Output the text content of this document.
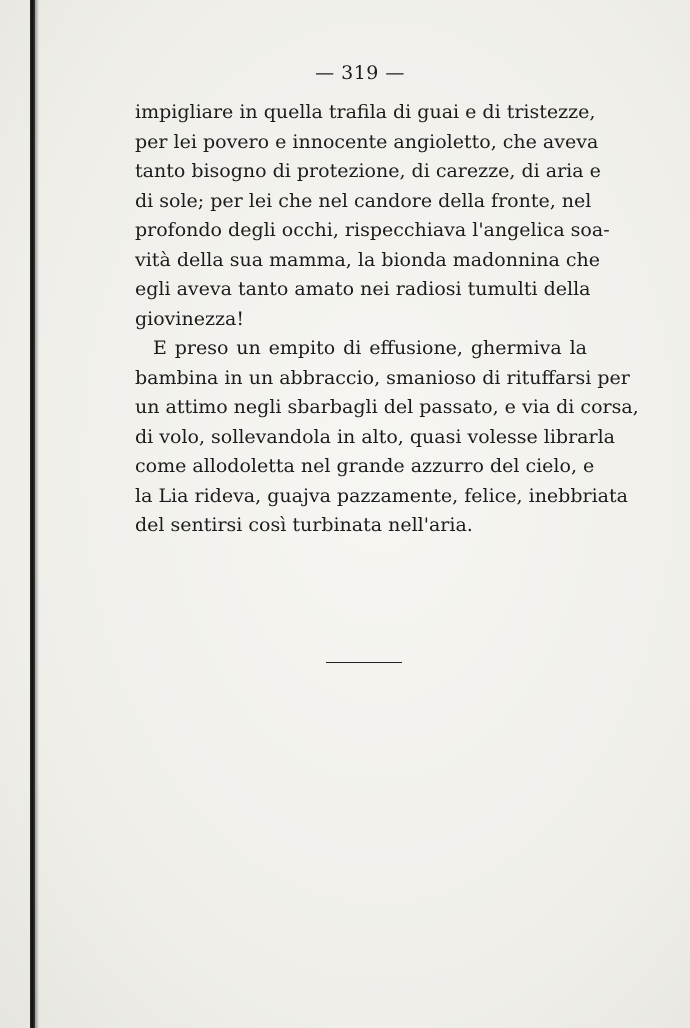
— 319 —
impigliare in quella trafila di guai e di tristezze,
per lei povero e innocente angioletto, che aveva
tanto bisogno di protezione, di carezze, di aria e
di sole; per lei che nel candore della fronte, nel
profondo degli occhi, rispecchiava l'angelica soa-
vità della sua mamma, la bionda madonnina che
egli aveva tanto amato nei radiosi tumulti della
giovinezza!
E preso un empito di effusione, ghermiva la
bambina in un abbraccio, smanioso di rituffarsi per
un attimo negli sbarbagli del passato, e via di corsa,
di volo, sollevandola in alto, quasi volesse librarla
come allodoletta nel grande azzurro del cielo, e
la Lia rideva, guajva pazzamente, felice, inebbriata
del sentirsi così turbinata nell'aria.
